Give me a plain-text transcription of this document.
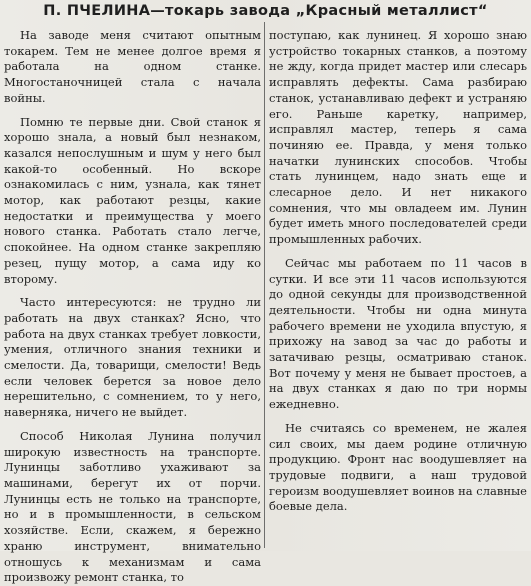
П. ПЧЕЛИНА—токарь завода „Красный металлист“

На заводе меня считают опытным токарем. Тем не менее долгое время я работала на одном станке. Многостаночницей стала с начала войны.

Помню те первые дни. Свой станок я хорошо знала, а новый был незнаком, казался непослушным и шум у него был какой-то особенный. Но вскоре ознакомилась с ним, узнала, как тянет мотор, как работают резцы, какие недостатки и преимущества у моего нового станка. Работать стало легче, спокойнее. На одном станке закрепляю резец, пущу мотор, а сама иду ко второму.

Часто интересуются: не трудно ли работать на двух станках? Ясно, что работа на двух станках требует ловкости, умения, отличного знания техники и смелости. Да, товарищи, смелости! Ведь если человек берется за новое дело нерешительно, с сомнением, то у него, наверняка, ничего не выйдет.

Способ Николая Лунина получил широкую известность на транспорте. Лунинцы заботливо ухаживают за машинами, берегут их от порчи. Лунинцы есть не только на транспорте, но и в промышленности, в сельском хозяйстве. Если, скажем, я бережно храню инструмент, внимательно отношусь к механизмам и сама произвожу ремонт станка, то

поступаю, как лунинец. Я хорошо знаю устройство токарных станков, а поэтому не жду, когда придет мастер или слесарь исправлять дефекты. Сама разбираю станок, устанавливаю дефект и устраняю его. Раньше каретку, например, исправлял мастер, теперь я сама починяю ее. Правда, у меня только начатки лунинских способов. Чтобы стать лунинцем, надо знать еще и слесарное дело. И нет никакого сомнения, что мы овладеем им. Лунин будет иметь много последователей среди промышленных рабочих.

Сейчас мы работаем по 11 часов в сутки. И все эти 11 часов используются до одной секунды для производственной деятельности. Чтобы ни одна минута рабочего времени не уходила впустую, я прихожу на завод за час до работы и затачиваю резцы, осматриваю станок. Вот почему у меня не бывает простоев, а на двух станках я даю по три нормы ежедневно.

Не считаясь со временем, не жалея сил своих, мы даем родине отличную продукцию. Фронт нас воодушевляет на трудовые подвиги, а наш трудовой героизм воодушевляет воинов на славные боевые дела.
